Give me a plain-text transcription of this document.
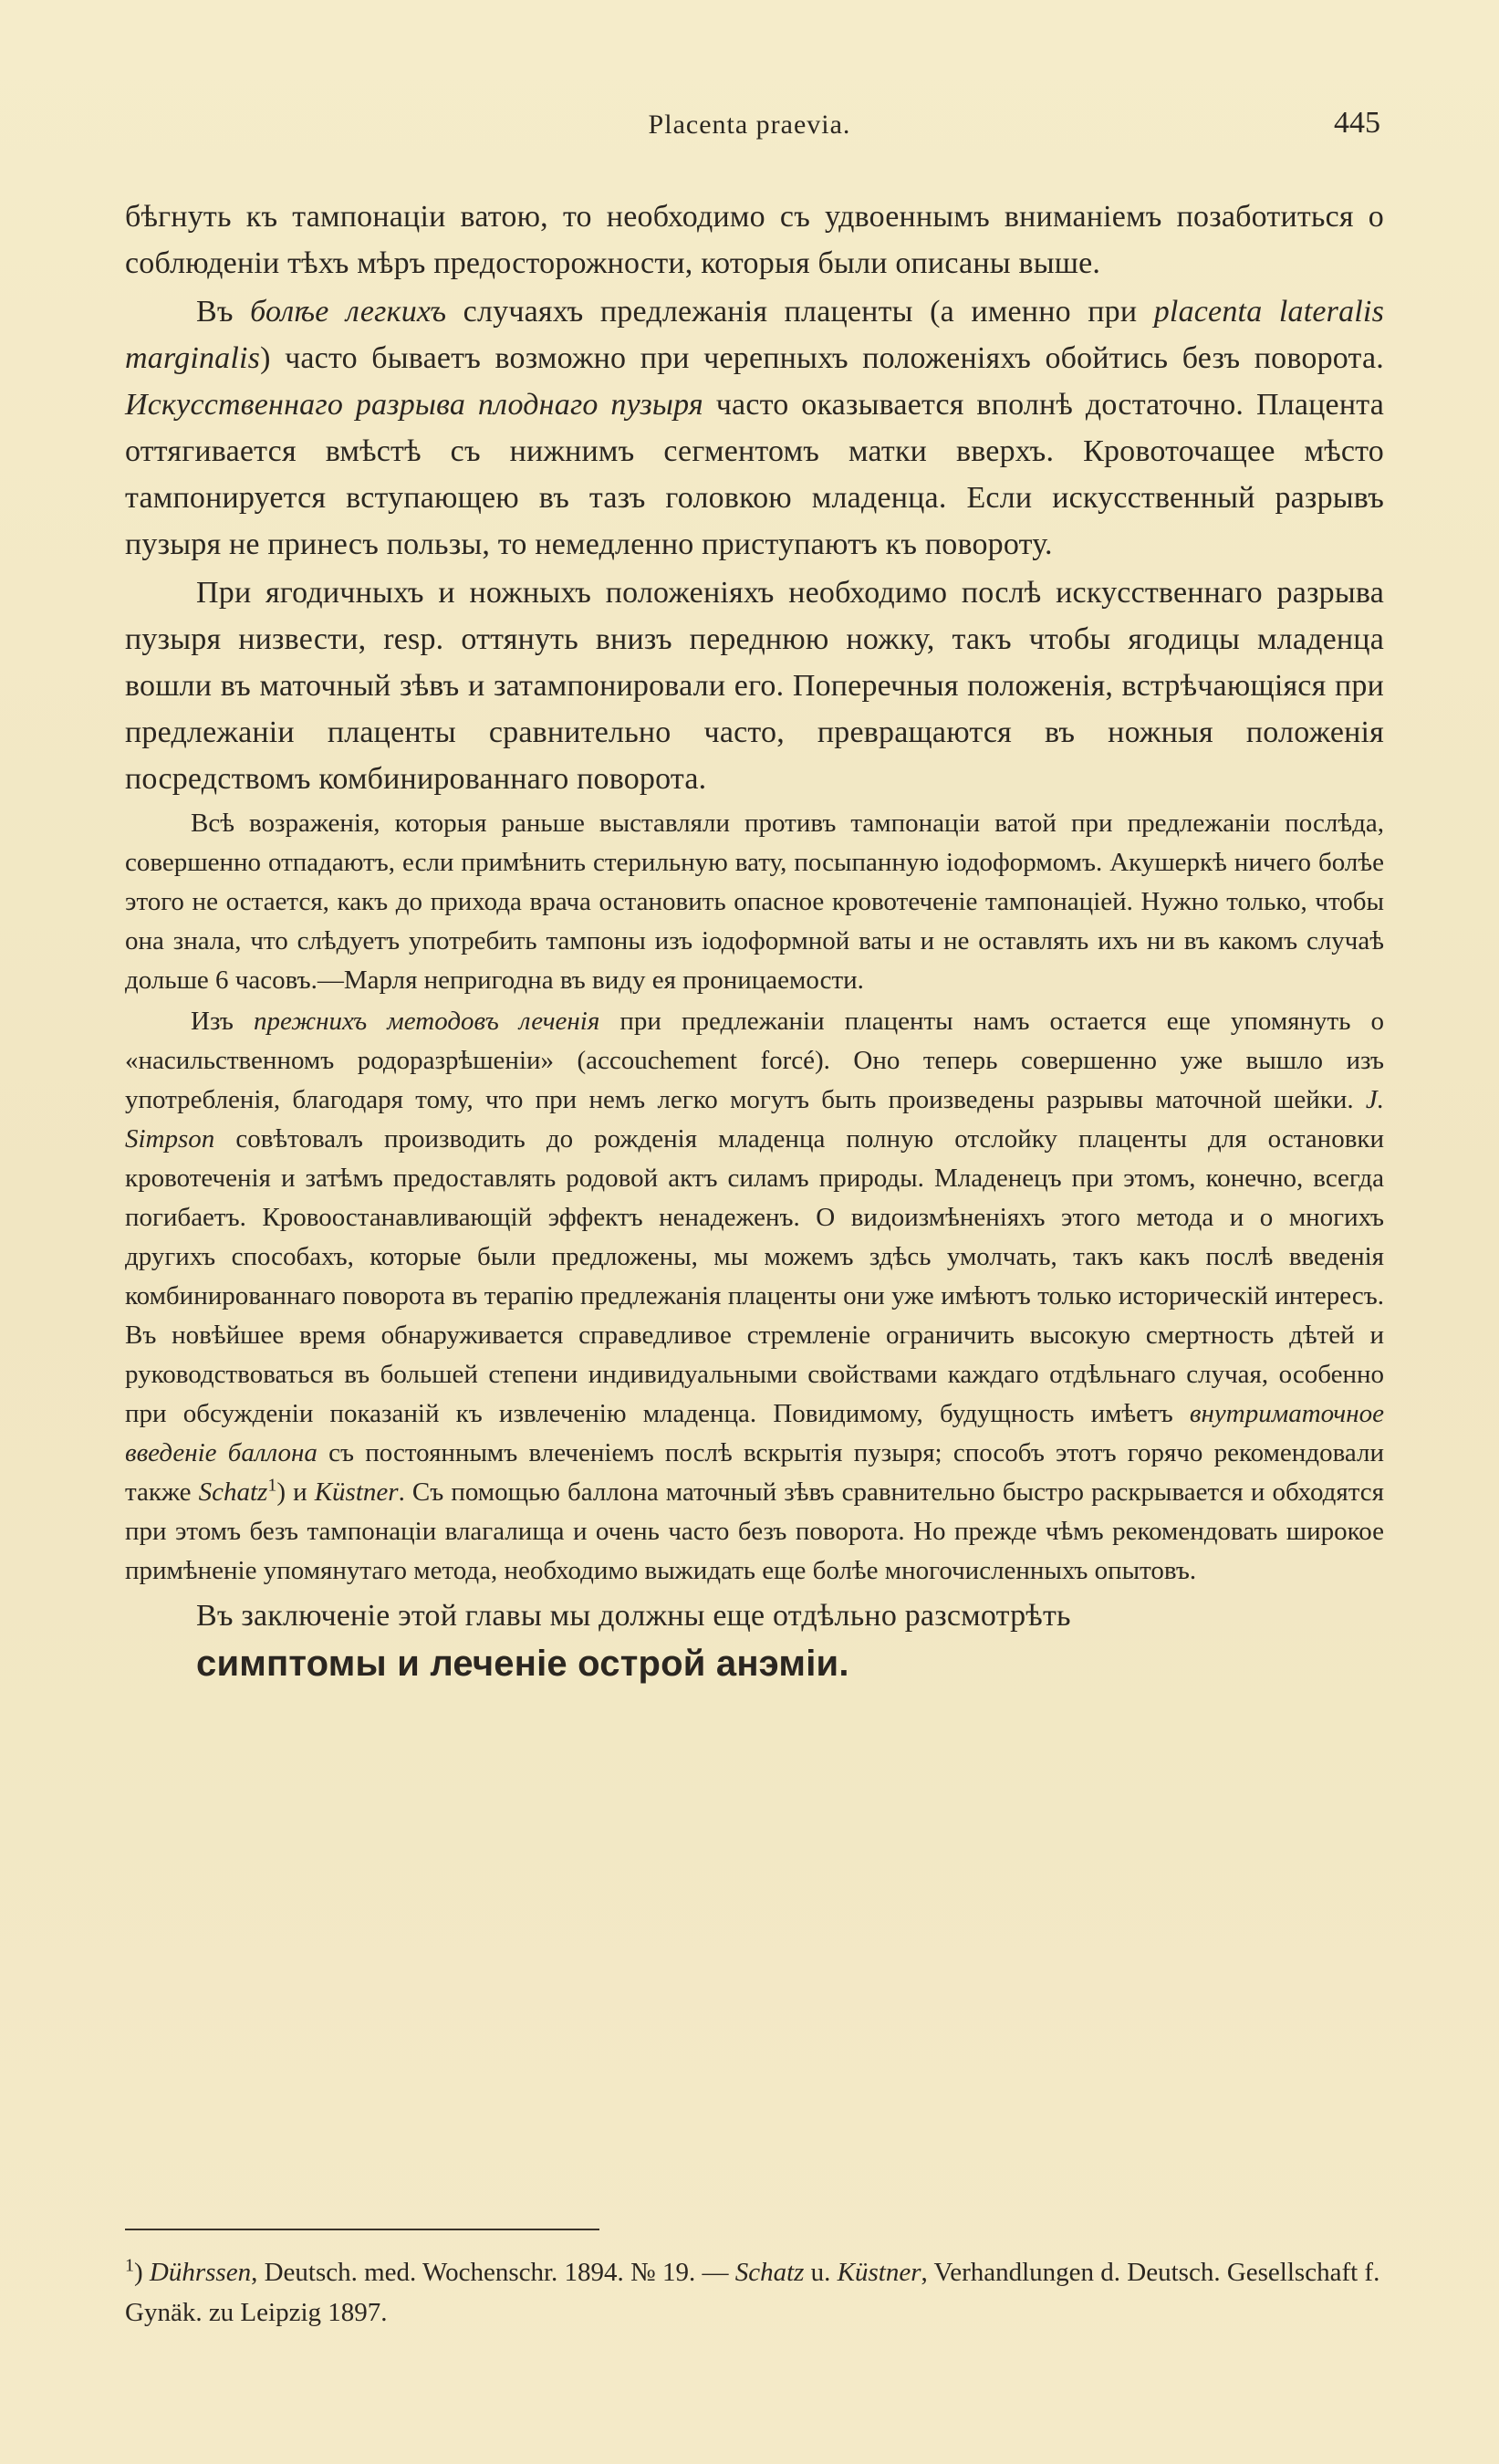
Placenta praevia.	445

бѣгнуть къ тампонаціи ватою, то необходимо съ удвоеннымъ вниманіемъ позаботиться о соблюденіи тѣхъ мѣръ предосторожности, которыя были описаны выше.

Въ болѣе легкихъ случаяхъ предлежанія плаценты (а именно при placenta lateralis marginalis) часто бываетъ возможно при черепныхъ положеніяхъ обойтись безъ поворота. Искусственнаго разрыва плоднаго пузыря часто оказывается вполнѣ достаточно. Плацента оттягивается вмѣстѣ съ нижнимъ сегментомъ матки вверхъ. Кровоточащее мѣсто тампонируется вступающею въ тазъ головкою младенца. Если искусственный разрывъ пузыря не принесъ пользы, то немедленно приступаютъ къ повороту.

При ягодичныхъ и ножныхъ положеніяхъ необходимо послѣ искусственнаго разрыва пузыря низвести, resp. оттянуть внизъ переднюю ножку, такъ чтобы ягодицы младенца вошли въ маточный зѣвъ и затампонировали его. Поперечныя положенія, встрѣчающіяся при предлежаніи плаценты сравнительно часто, превращаются въ ножныя положенія посредствомъ комбинированнаго поворота.

Всѣ возраженія, которыя раньше выставляли противъ тампонаціи ватой при предлежаніи послѣда, совершенно отпадаютъ, если примѣнить стерильную вату, посыпанную іодоформомъ. Акушеркѣ ничего болѣе этого не остается, какъ до прихода врача остановить опасное кровотеченіе тампонаціей. Нужно только, чтобы она знала, что слѣдуетъ употребить тампоны изъ іодоформной ваты и не оставлять ихъ ни въ какомъ случаѣ дольше 6 часовъ.—Марля непригодна въ виду ея проницаемости.

Изъ прежнихъ методовъ леченія при предлежаніи плаценты намъ остается еще упомянуть о «насильственномъ родоразрѣшеніи» (accouchement forcé). Оно теперь совершенно уже вышло изъ употребленія, благодаря тому, что при немъ легко могутъ быть произведены разрывы маточной шейки. J. Simpson совѣтовалъ производить до рожденія младенца полную отслойку плаценты для остановки кровотеченія и затѣмъ предоставлять родовой актъ силамъ природы. Младенецъ при этомъ, конечно, всегда погибаетъ. Кровоостанавливающій эффектъ ненадеженъ. О видоизмѣненіяхъ этого метода и о многихъ другихъ способахъ, которые были предложены, мы можемъ здѣсь умолчать, такъ какъ послѣ введенія комбинированнаго поворота въ терапію предлежанія плаценты они уже имѣютъ только историческій интересъ. Въ новѣйшее время обнаруживается справедливое стремленіе ограничить высокую смертность дѣтей и руководствоваться въ большей степени индивидуальными свойствами каждаго отдѣльнаго случая, особенно при обсужденіи показаній къ извлеченію младенца. Повидимому, будущность имѣетъ внутриматочное введеніе баллона съ постояннымъ влеченіемъ послѣ вскрытія пузыря; способъ этотъ горячо рекомендовали также Schatz$^1$) и Küstner. Съ помощью баллона маточный зѣвъ сравнительно быстро раскрывается и обходятся при этомъ безъ тампонаціи влагалища и очень часто безъ поворота. Но прежде чѣмъ рекомендовать широкое примѣненіе упомянутаго метода, необходимо выжидать еще болѣе многочисленныхъ опытовъ.

Въ заключеніе этой главы мы должны еще отдѣльно разсмотрѣть
симптомы и леченіе острой анэміи.

$^1$) Dührssen, Deutsch. med. Wochenschr. 1894. № 19. — Schatz u. Küstner, Verhandlungen d. Deutsch. Gesellschaft f. Gynäk. zu Leipzig 1897.
